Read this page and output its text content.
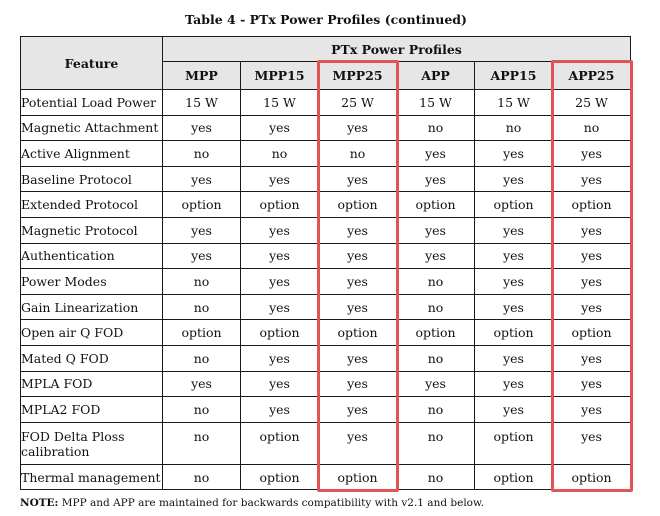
Table 4 - PTx Power Profiles (continued)
Feature	PTx Power Profiles					
	MPP	MPP15	MPP25	APP	APP15	APP25
Potential Load Power	15 W	15 W	25 W	15 W	15 W	25 W
Magnetic Attachment	yes	yes	yes	no	no	no
Active Alignment	no	no	no	yes	yes	yes
Baseline Protocol	yes	yes	yes	yes	yes	yes
Extended Protocol	option	option	option	option	option	option
Magnetic Protocol	yes	yes	yes	yes	yes	yes
Authentication	yes	yes	yes	yes	yes	yes
Power Modes	no	yes	yes	no	yes	yes
Gain Linearization	no	yes	yes	no	yes	yes
Open air Q FOD	option	option	option	option	option	option
Mated Q FOD	no	yes	yes	no	yes	yes
MPLA FOD	yes	yes	yes	yes	yes	yes
MPLA2 FOD	no	yes	yes	no	yes	yes
FOD Delta Ploss calibration	no	option	yes	no	option	yes
Thermal management	no	option	option	no	option	option
NOTE: MPP and APP are maintained for backwards compatibility with v2.1 and below.
